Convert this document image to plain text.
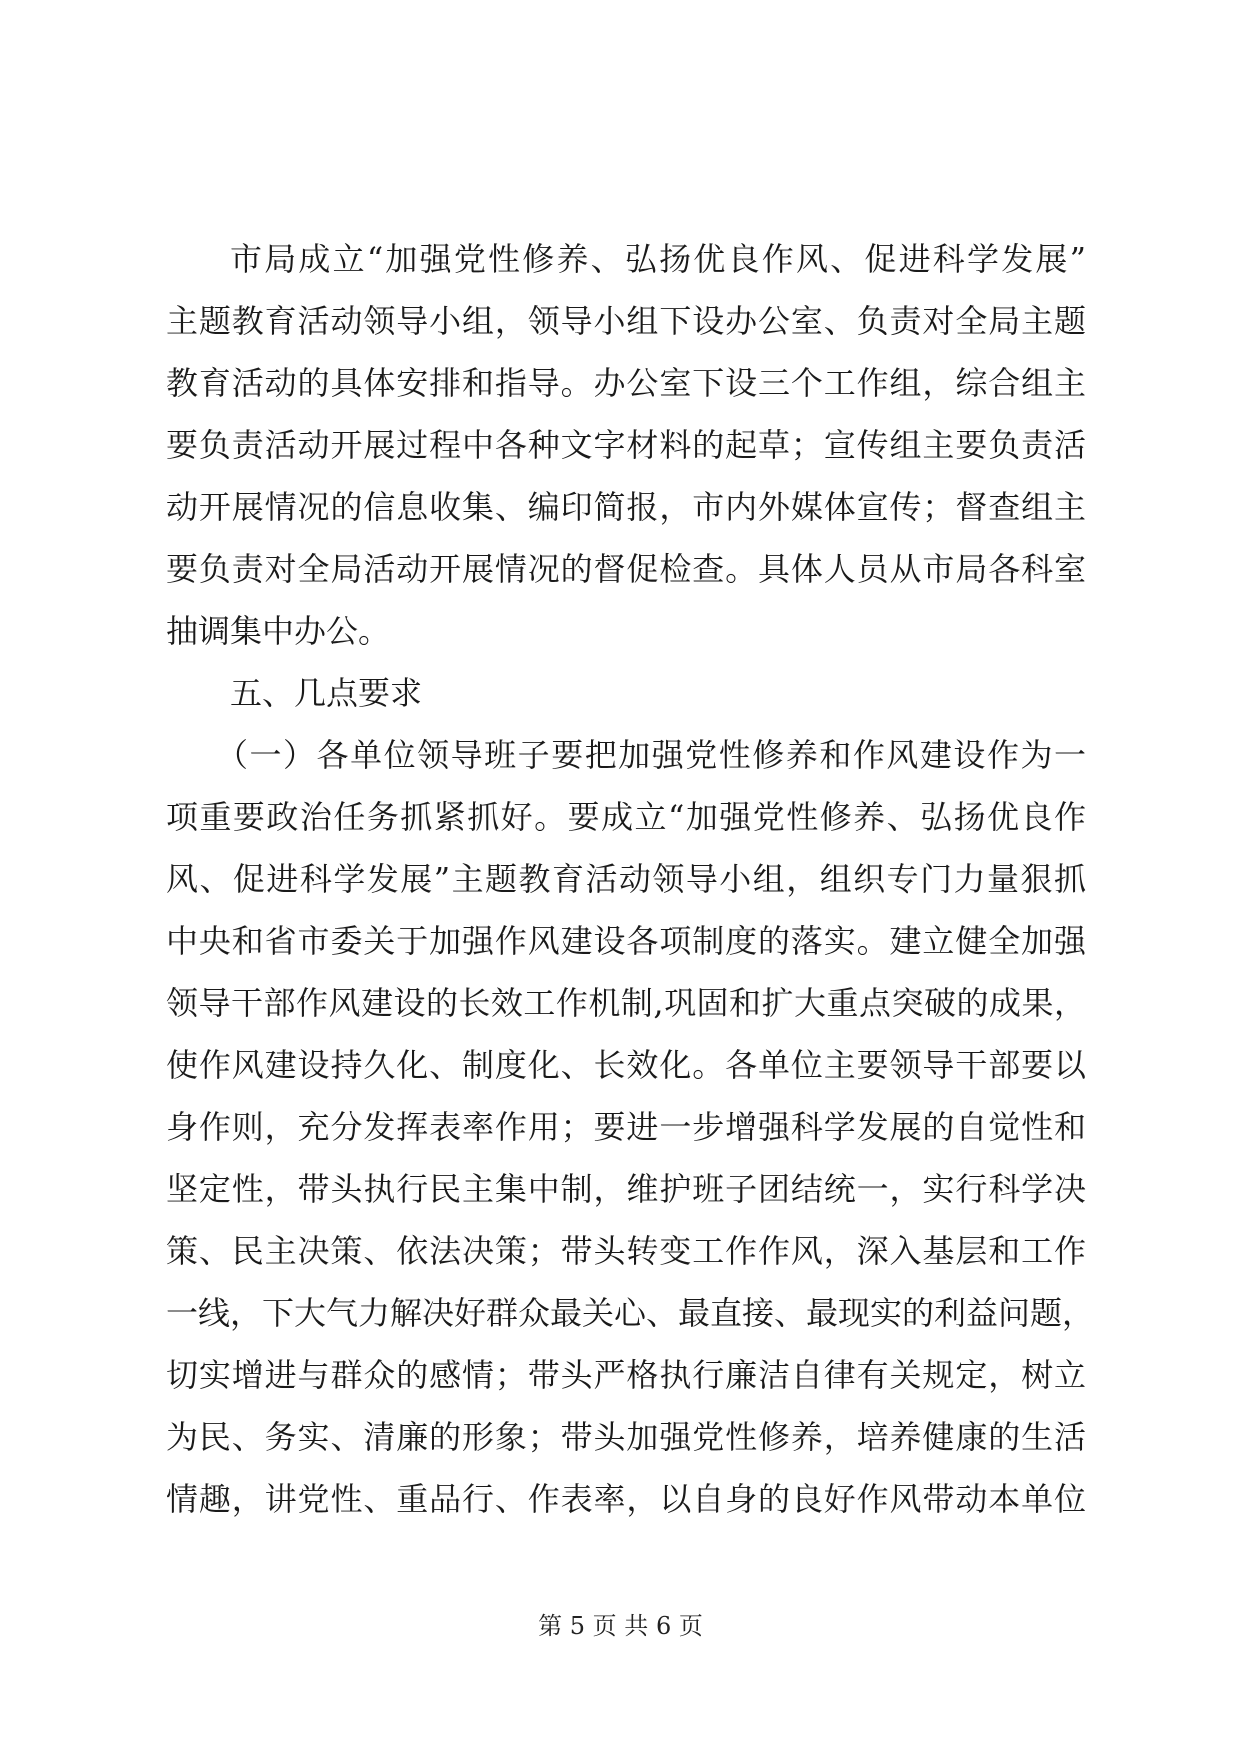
市局成立“加强党性修养、弘扬优良作风、促进科学发展”
主题教育活动领导小组，领导小组下设办公室、负责对全局主题
教育活动的具体安排和指导。办公室下设三个工作组，综合组主
要负责活动开展过程中各种文字材料的起草；宣传组主要负责活
动开展情况的信息收集、编印简报，市内外媒体宣传；督查组主
要负责对全局活动开展情况的督促检查。具体人员从市局各科室
抽调集中办公。
五、几点要求
（一）各单位领导班子要把加强党性修养和作风建设作为一
项重要政治任务抓紧抓好。要成立“加强党性修养、弘扬优良作
风、促进科学发展”主题教育活动领导小组，组织专门力量狠抓
中央和省市委关于加强作风建设各项制度的落实。建立健全加强
领导干部作风建设的长效工作机制,巩固和扩大重点突破的成果，
使作风建设持久化、制度化、长效化。各单位主要领导干部要以
身作则，充分发挥表率作用；要进一步增强科学发展的自觉性和
坚定性，带头执行民主集中制，维护班子团结统一，实行科学决
策、民主决策、依法决策；带头转变工作作风，深入基层和工作
一线，下大气力解决好群众最关心、最直接、最现实的利益问题，
切实增进与群众的感情；带头严格执行廉洁自律有关规定，树立
为民、务实、清廉的形象；带头加强党性修养，培养健康的生活
情趣，讲党性、重品行、作表率，以自身的良好作风带动本单位
第 5 页 共 6 页
